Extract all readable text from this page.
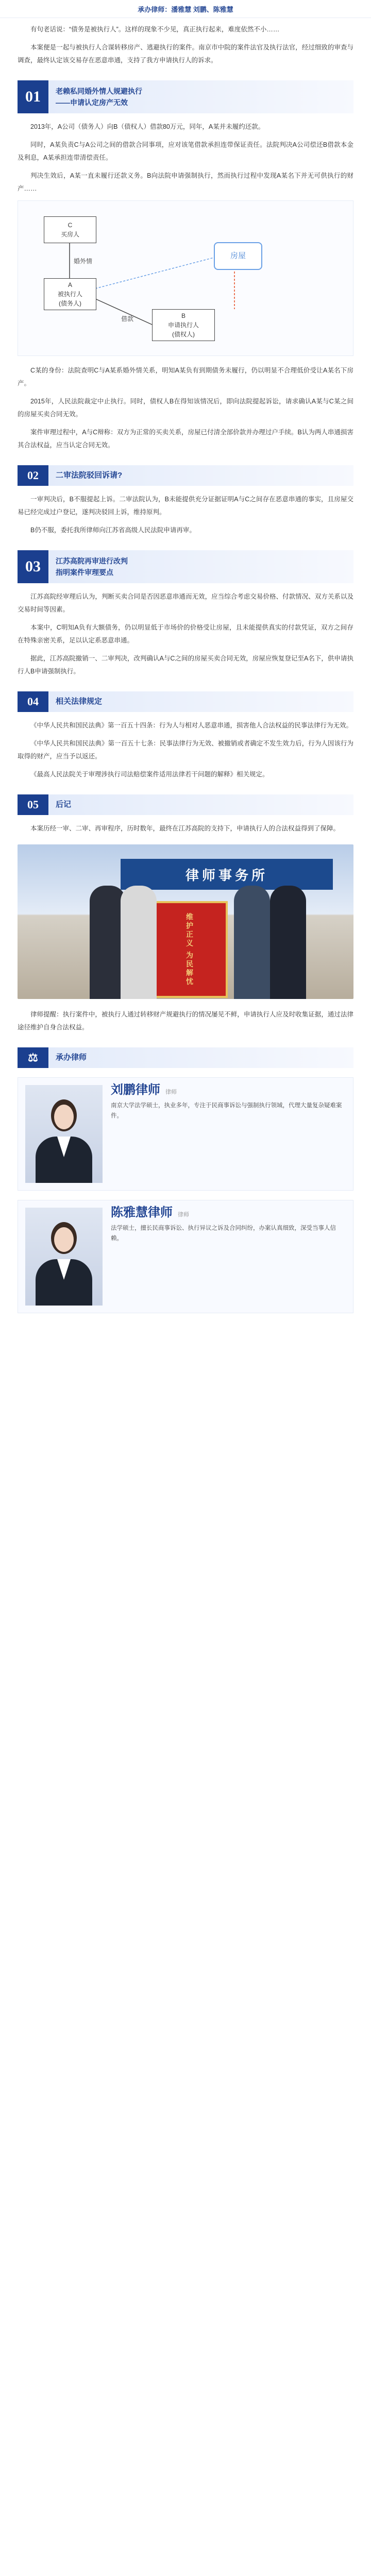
承办律师：潘雅慧 刘鹏、陈雅慧

有句老话说：“债务是被执行人”。这样的现象不少见，真正执行起来，难度依然不小……

本案便是一起与被执行人合谋转移房产、逃避执行的案件。南京市中院的案件法官及执行法官，经过细致的审查与调查，最终认定该交易存在恶意串通，支持了我方申请执行人的诉求。

01	老赖私同婚外情人规避执行
——申请认定房产无效

2013年，A公司（债务人）向B（债权人）借款80万元，同年，A某并未履约还款。

同时，A某负责C与A公司之间的借款合同事项，应对该笔借款承担连带保证责任。法院判决A公司偿还B借款本金及利息，A某承担连带清偿责任。

判决生效后，A某一直未履行还款义务。B向法院申请强制执行，然而执行过程中发现A某名下并无可供执行的财产……

C
买房人
A
被执行人
(债务人)
房屋
B
申请执行人
(债权人)
婚外情
借款

C某的身份：法院查明C与A某系婚外情关系，明知A某负有到期债务未履行，仍以明显不合理低价受让A某名下房产。

2015年，人民法院裁定中止执行。同时，债权人B在得知该情况后，即向法院提起诉讼，请求确认A某与C某之间的房屋买卖合同无效。

案件审理过程中，A与C辩称：双方为正常的买卖关系，房屋已付清全部价款并办理过户手续。B认为两人串通损害其合法权益，应当认定合同无效。

02	二审法院驳回诉请?

一审判决后，B不服提起上诉。二审法院认为，B未能提供充分证据证明A与C之间存在恶意串通的事实，且房屋交易已经完成过户登记，遂判决驳回上诉，维持原判。

B仍不服，委托我所律师向江苏省高级人民法院申请再审。

03	江苏高院再审进行改判
指明案件审理要点

江苏高院经审理后认为，判断买卖合同是否因恶意串通而无效，应当综合考虑交易价格、付款情况、双方关系以及交易时间等因素。

本案中，C明知A负有大额债务，仍以明显低于市场价的价格受让房屋，且未能提供真实的付款凭证，双方之间存在特殊亲密关系，足以认定系恶意串通。

据此，江苏高院撤销一、二审判决，改判确认A与C之间的房屋买卖合同无效，房屋应恢复登记至A名下，供申请执行人B申请强制执行。

04	相关法律规定

《中华人民共和国民法典》第一百五十四条：行为人与相对人恶意串通，损害他人合法权益的民事法律行为无效。

《中华人民共和国民法典》第一百五十七条：民事法律行为无效、被撤销或者确定不发生效力后，行为人因该行为取得的财产，应当予以返还。

《最高人民法院关于审理涉执行司法赔偿案件适用法律若干问题的解释》相关规定。

05	后记

本案历经一审、二审、再审程序，历时数年，最终在江苏高院的支持下，申请执行人的合法权益得到了保障。

律师事务所
维护正义 为民解忧

律师提醒：执行案件中，被执行人通过转移财产规避执行的情况屡见不鲜，申请执行人应及时收集证据，通过法律途径维护自身合法权益。

⚖	承办律师
刘鹏律师 律师
南京大学法学硕士，执业多年，专注于民商事诉讼与强制执行领域，代理大量复杂疑难案件。
陈雅慧律师 律师
法学硕士，擅长民商事诉讼、执行异议之诉及合同纠纷，办案认真细致，深受当事人信赖。
